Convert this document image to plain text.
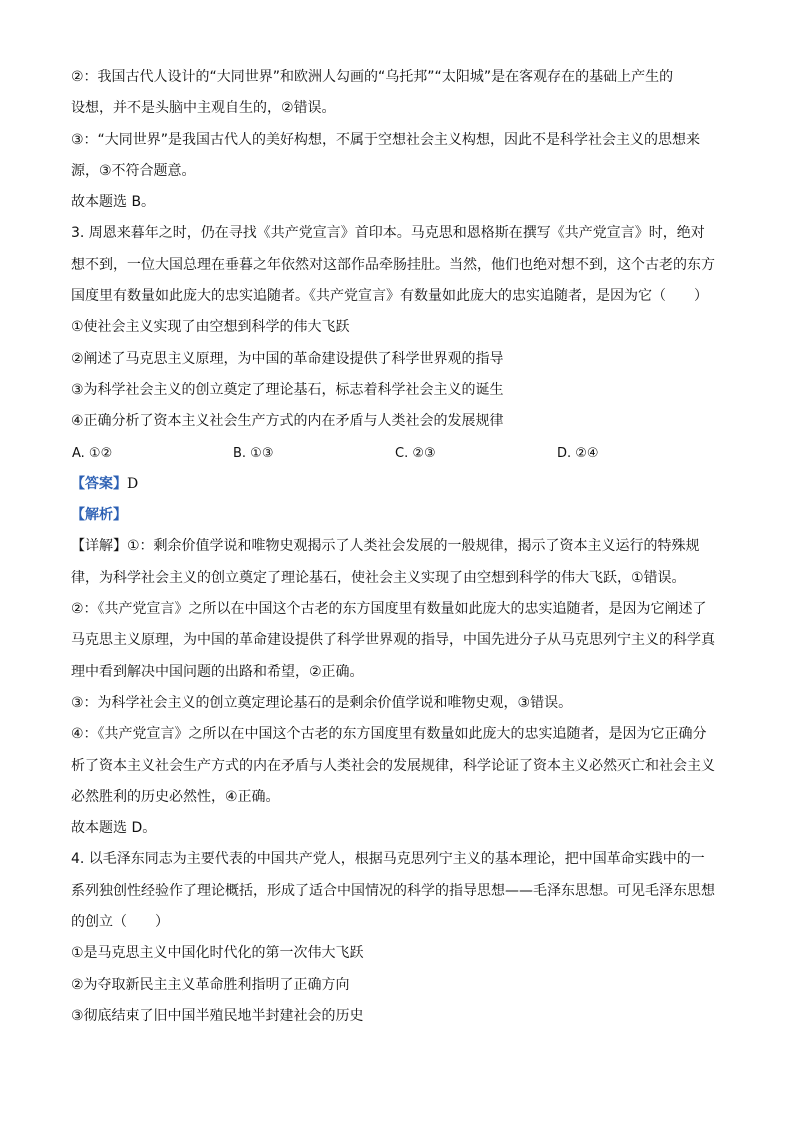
②：我国古代人设计的“大同世界”和欧洲人勾画的“乌托邦”“太阳城”是在客观存在的基础上产生的
设想，并不是头脑中主观自生的，②错误。
③：“大同世界”是我国古代人的美好构想，不属于空想社会主义构想，因此不是科学社会主义的思想来
源，③不符合题意。
故本题选 B。
3. 周恩来暮年之时，仍在寻找《共产党宣言》首印本。马克思和恩格斯在撰写《共产党宣言》时，绝对
想不到，一位大国总理在垂暮之年依然对这部作品牵肠挂肚。当然，他们也绝对想不到，这个古老的东方
国度里有数量如此庞大的忠实追随者。《共产党宣言》有数量如此庞大的忠实追随者，是因为它（　　）
①使社会主义实现了由空想到科学的伟大飞跃
②阐述了马克思主义原理，为中国的革命建设提供了科学世界观的指导
③为科学社会主义的创立奠定了理论基石，标志着科学社会主义的诞生
④正确分析了资本主义社会生产方式的内在矛盾与人类社会的发展规律
A. ①②	B. ①③	C. ②③	D. ②④
【答案】D
【解析】
【详解】①：剩余价值学说和唯物史观揭示了人类社会发展的一般规律，揭示了资本主义运行的特殊规
律，为科学社会主义的创立奠定了理论基石，使社会主义实现了由空想到科学的伟大飞跃，①错误。
②：《共产党宣言》之所以在中国这个古老的东方国度里有数量如此庞大的忠实追随者，是因为它阐述了
马克思主义原理，为中国的革命建设提供了科学世界观的指导，中国先进分子从马克思列宁主义的科学真
理中看到解决中国问题的出路和希望，②正确。
③：为科学社会主义的创立奠定理论基石的是剩余价值学说和唯物史观，③错误。
④：《共产党宣言》之所以在中国这个古老的东方国度里有数量如此庞大的忠实追随者，是因为它正确分
析了资本主义社会生产方式的内在矛盾与人类社会的发展规律，科学论证了资本主义必然灭亡和社会主义
必然胜利的历史必然性，④正确。
故本题选 D。
4. 以毛泽东同志为主要代表的中国共产党人，根据马克思列宁主义的基本理论，把中国革命实践中的一
系列独创性经验作了理论概括，形成了适合中国情况的科学的指导思想——毛泽东思想。可见毛泽东思想
的创立（　　）
①是马克思主义中国化时代化的第一次伟大飞跃
②为夺取新民主主义革命胜利指明了正确方向
③彻底结束了旧中国半殖民地半封建社会的历史
